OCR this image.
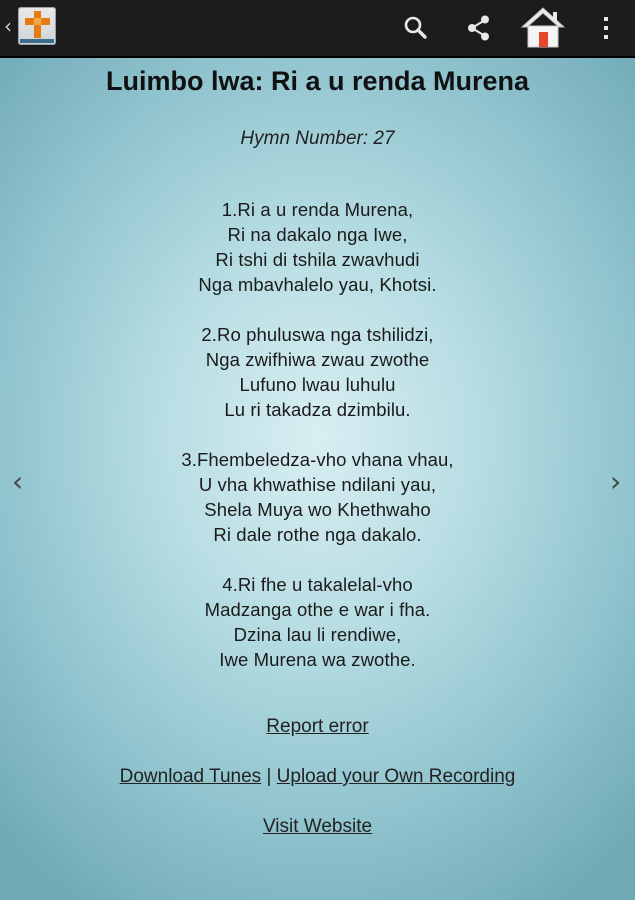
‹
Luimbo lwa: Ri a u renda Murena
Hymn Number: 27
1.Ri a u renda Murena,
Ri na dakalo nga Iwe,
Ri tshi di tshila zwavhudi
Nga mbavhalelo yau, Khotsi.
2.Ro phuluswa nga tshilidzi,
Nga zwifhiwa zwau zwothe
Lufuno lwau luhulu
Lu ri takadza dzimbilu.
3.Fhembeledza-vho vhana vhau,
U vha khwathise ndilani yau,
Shela Muya wo Khethwaho
Ri dale rothe nga dakalo.
4.Ri fhe u takalelal-vho
Madzanga othe e war i fha.
Dzina lau li rendiwe,
Iwe Murena wa zwothe.
Report error
Download Tunes | Upload your Own Recording
Visit Website
‹	›
